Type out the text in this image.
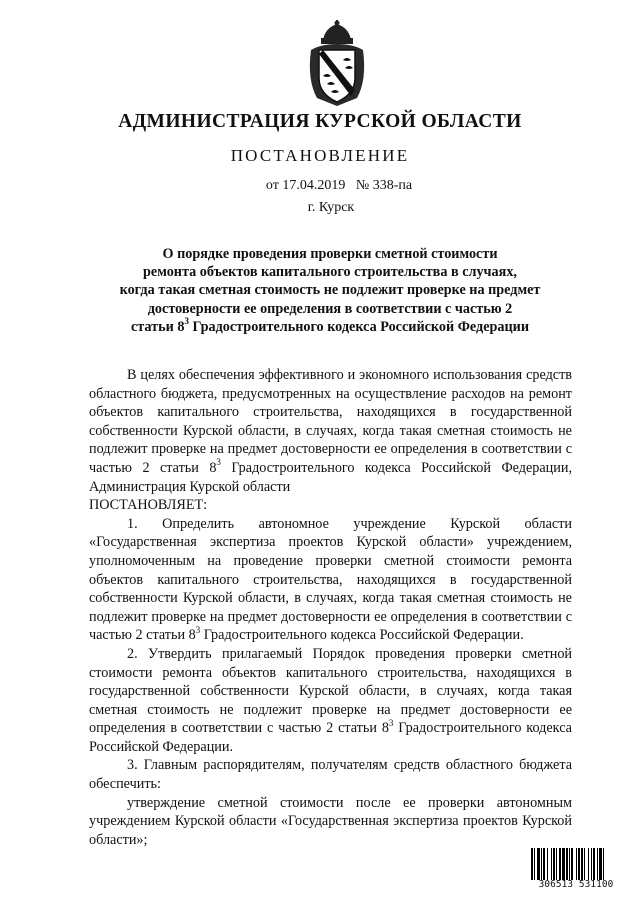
АДМИНИСТРАЦИЯ КУРСКОЙ ОБЛАСТИ
ПОСТАНОВЛЕНИЕ
от 17.04.2019   № 338-па
г. Курск
О порядке проведения проверки сметной стоимости
ремонта объектов капитального строительства в случаях,
когда такая сметная стоимость не подлежит проверке на предмет
достоверности ее определения в соответствии с частью 2
статьи $8^3$ Градостроительного кодекса Российской Федерации

В целях обеспечения эффективного и экономного использования средств областного бюджета, предусмотренных на осуществление расходов на ремонт объектов капитального строительства, находящихся в государственной собственности Курской области, в случаях, когда такая сметная стоимость не подлежит проверке на предмет достоверности ее определения в соответствии с частью 2 статьи $8^3$ Градостроительного кодекса Российской Федерации, Администрация Курской области

ПОСТАНОВЛЯЕТ:

1. Определить автономное учреждение Курской области «Государственная экспертиза проектов Курской области» учреждением, уполномоченным на проведение проверки сметной стоимости ремонта объектов капитального строительства, находящихся в государственной собственности Курской области, в случаях, когда такая сметная стоимость не подлежит проверке на предмет достоверности ее определения в соответствии с частью 2 статьи $8^3$ Градостроительного кодекса Российской Федерации.

2. Утвердить прилагаемый Порядок проведения проверки сметной стоимости ремонта объектов капитального строительства, находящихся в государственной собственности Курской области, в случаях, когда такая сметная стоимость не подлежит проверке на предмет достоверности ее определения в соответствии с частью 2 статьи $8^3$ Градостроительного кодекса Российской Федерации.

3. Главным распорядителям, получателям средств областного бюджета обеспечить:

утверждение сметной стоимости после ее проверки автономным учреждением Курской области «Государственная экспертиза проектов Курской области»;

306513 531100
